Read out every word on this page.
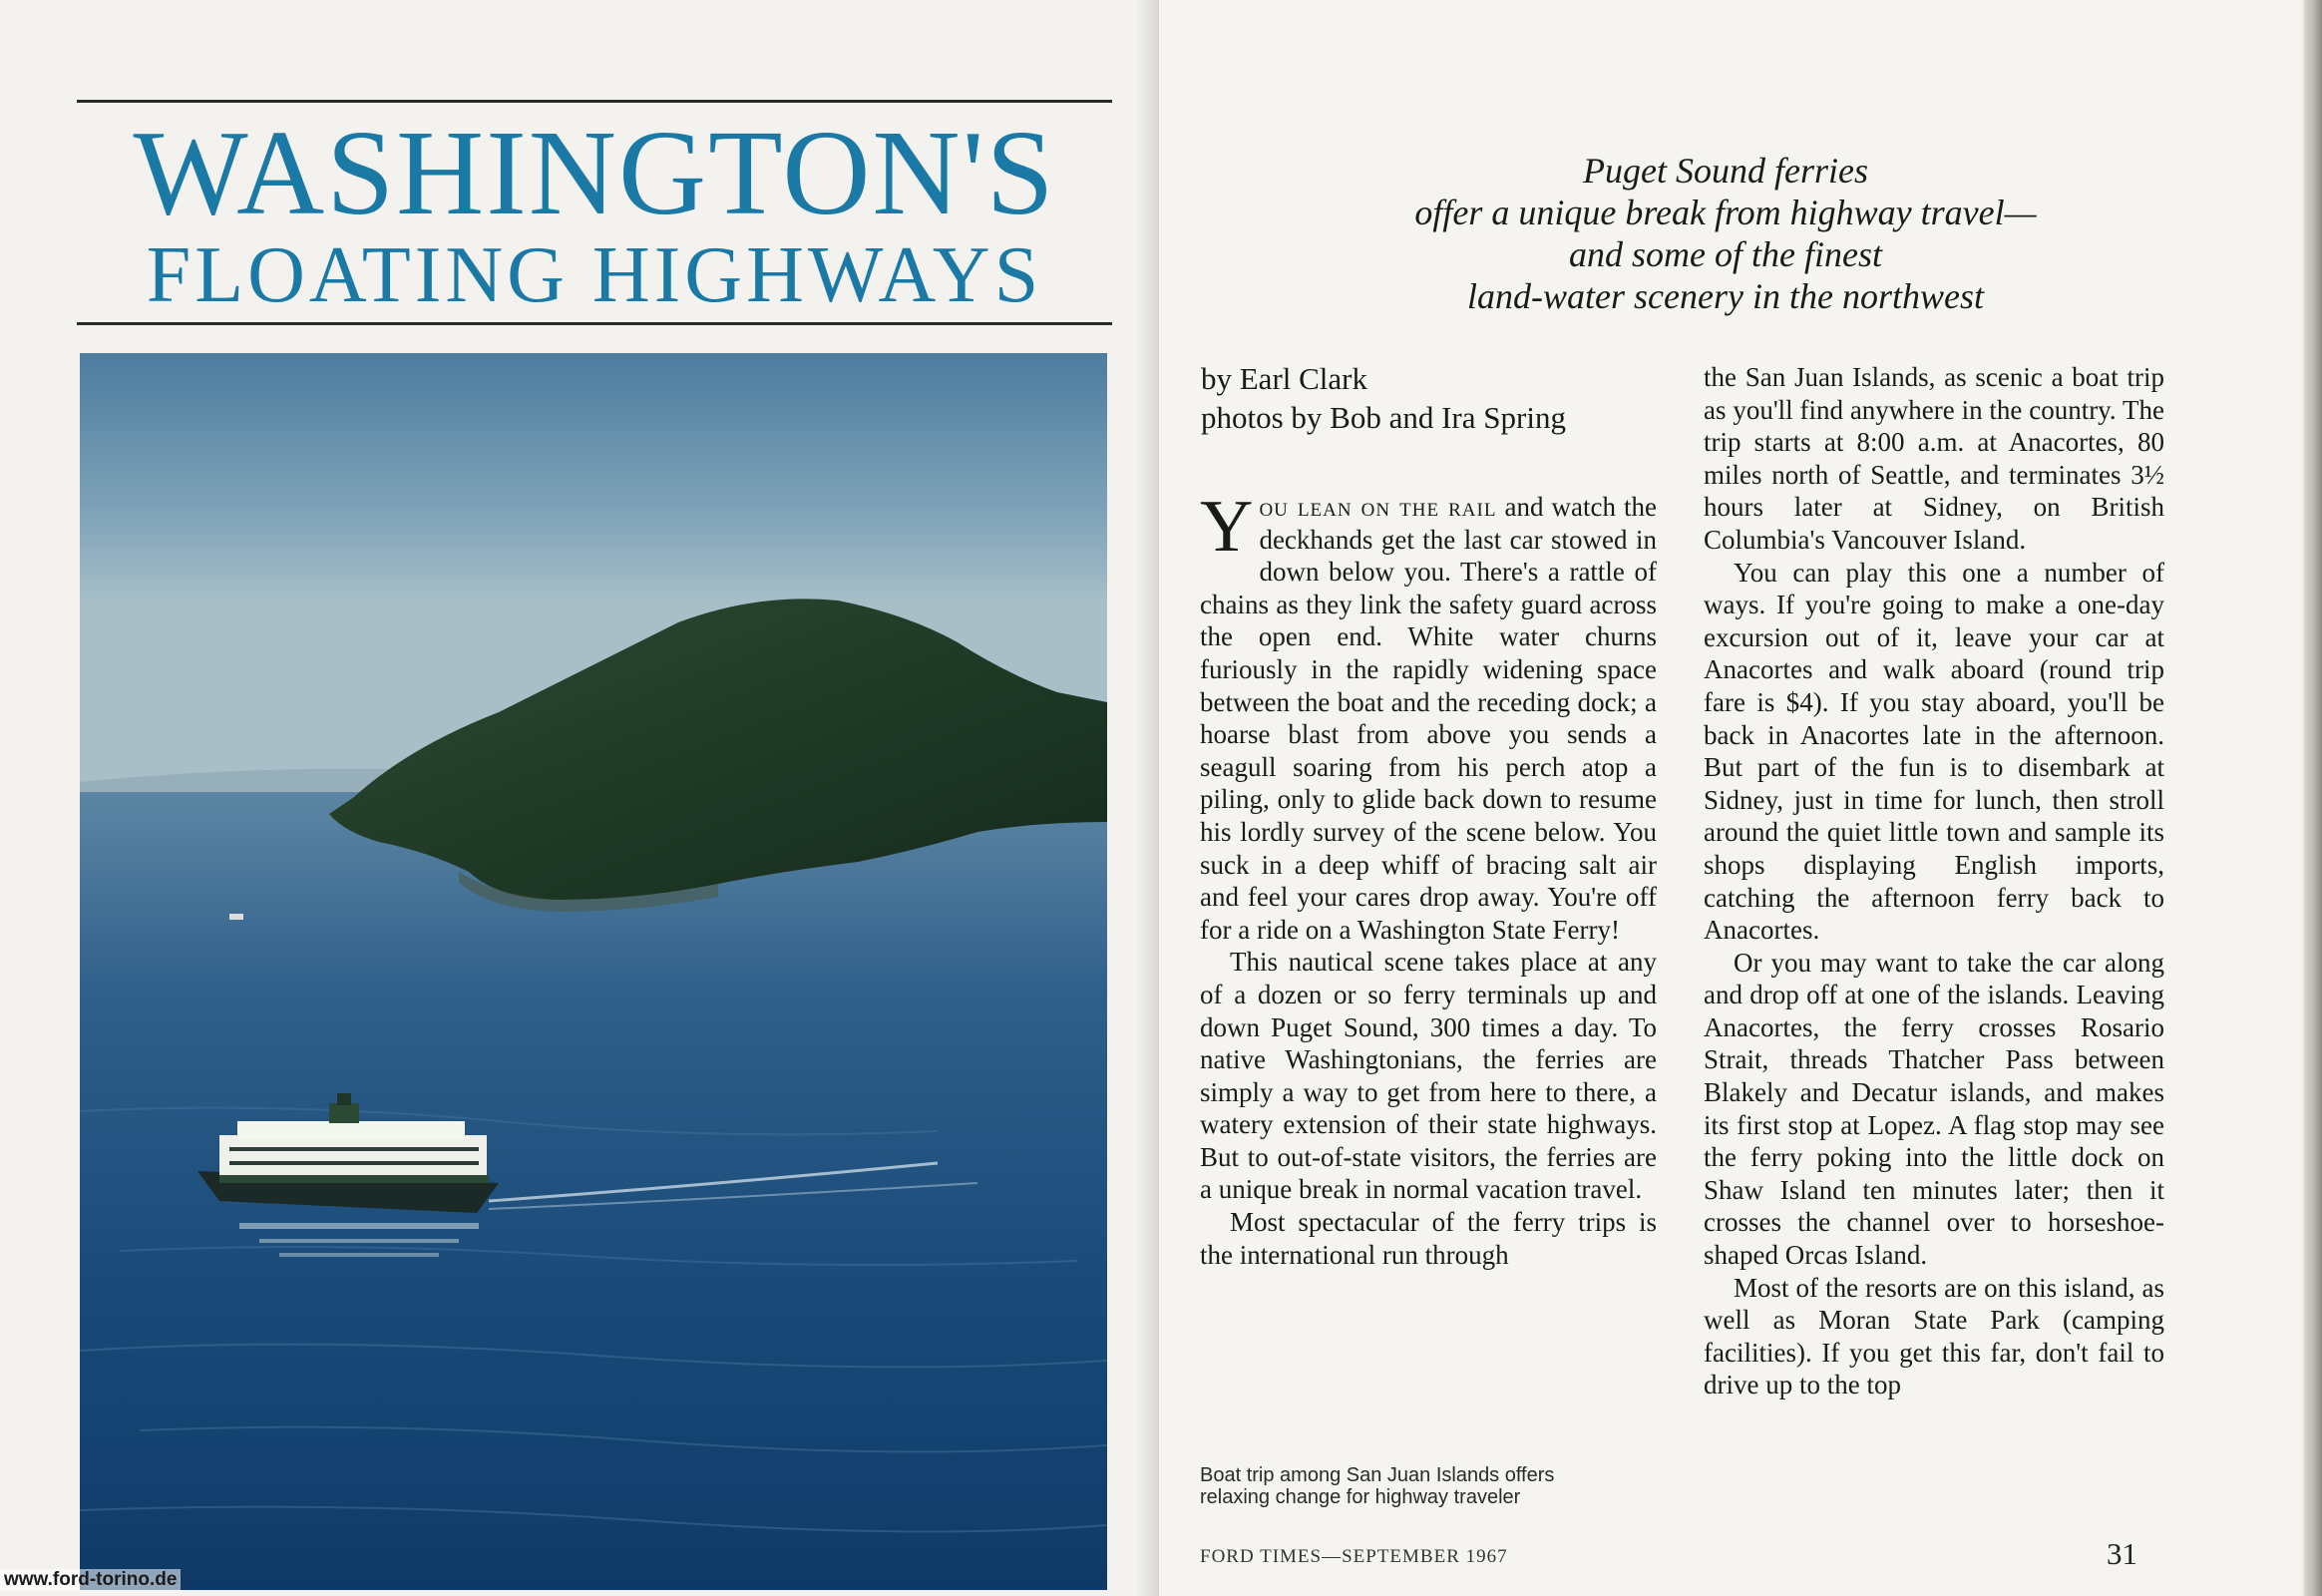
WASHINGTON'S
FLOATING HIGHWAYS
Puget Sound ferries
offer a unique break from highway travel—
and some of the finest
land-water scenery in the northwest
by Earl Clark
photos by Bob and Ira Spring

You lean on the rail and watch the deckhands get the last car stowed in down below you. There's a rattle of chains as they link the safety guard across the open end. White water churns furiously in the rapidly widening space between the boat and the receding dock; a hoarse blast from above you sends a seagull soaring from his perch atop a piling, only to glide back down to resume his lordly survey of the scene below. You suck in a deep whiff of bracing salt air and feel your cares drop away. You're off for a ride on a Washington State Ferry!

This nautical scene takes place at any of a dozen or so ferry terminals up and down Puget Sound, 300 times a day. To native Washingtonians, the ferries are simply a way to get from here to there, a watery extension of their state highways. But to out-of-state visitors, the ferries are a unique break in normal vacation travel.

Most spectacular of the ferry trips is the international run through

Boat trip among San Juan Islands offers
relaxing change for highway traveler

the San Juan Islands, as scenic a boat trip as you'll find anywhere in the country. The trip starts at 8:00 a.m. at Anacortes, 80 miles north of Seattle, and terminates 3½ hours later at Sidney, on British Columbia's Vancouver Island.

You can play this one a number of ways. If you're going to make a one-day excursion out of it, leave your car at Anacortes and walk aboard (round trip fare is $4). If you stay aboard, you'll be back in Anacortes late in the afternoon. But part of the fun is to disembark at Sidney, just in time for lunch, then stroll around the quiet little town and sample its shops displaying English imports, catching the afternoon ferry back to Anacortes.

Or you may want to take the car along and drop off at one of the islands. Leaving Anacortes, the ferry crosses Rosario Strait, threads Thatcher Pass between Blakely and Decatur islands, and makes its first stop at Lopez. A flag stop may see the ferry poking into the little dock on Shaw Island ten minutes later; then it crosses the channel over to horseshoe-shaped Orcas Island.

Most of the resorts are on this island, as well as Moran State Park (camping facilities). If you get this far, don't fail to drive up to the top

FORD TIMES—SEPTEMBER 1967	31
www.ford-torino.de
